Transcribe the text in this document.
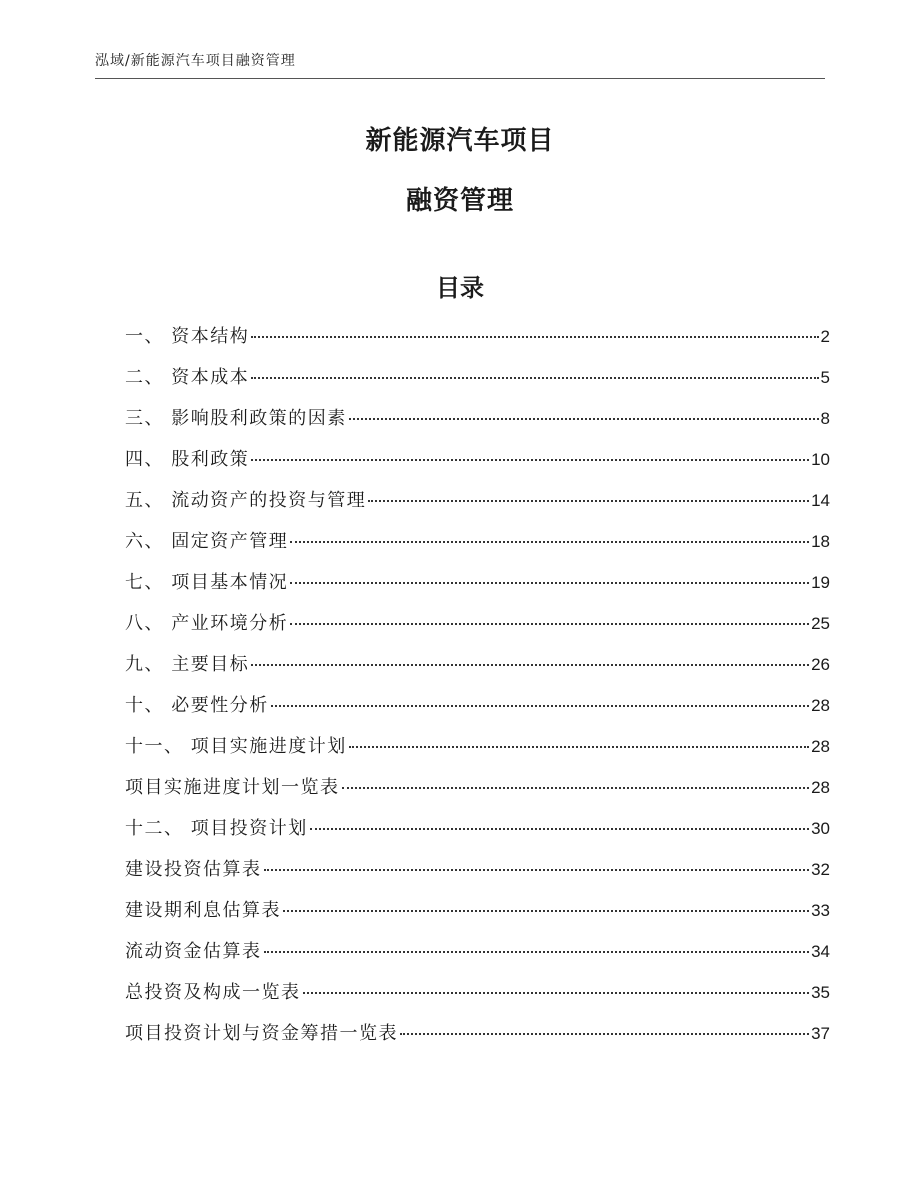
泓域/新能源汽车项目融资管理
新能源汽车项目
融资管理
目录
一、 资本结构	2
二、 资本成本	5
三、 影响股利政策的因素	8
四、 股利政策	10
五、 流动资产的投资与管理	14
六、 固定资产管理	18
七、 项目基本情况	19
八、 产业环境分析	25
九、 主要目标	26
十、 必要性分析	28
十一、 项目实施进度计划	28
项目实施进度计划一览表	28
十二、 项目投资计划	30
建设投资估算表	32
建设期利息估算表	33
流动资金估算表	34
总投资及构成一览表	35
项目投资计划与资金筹措一览表	37
